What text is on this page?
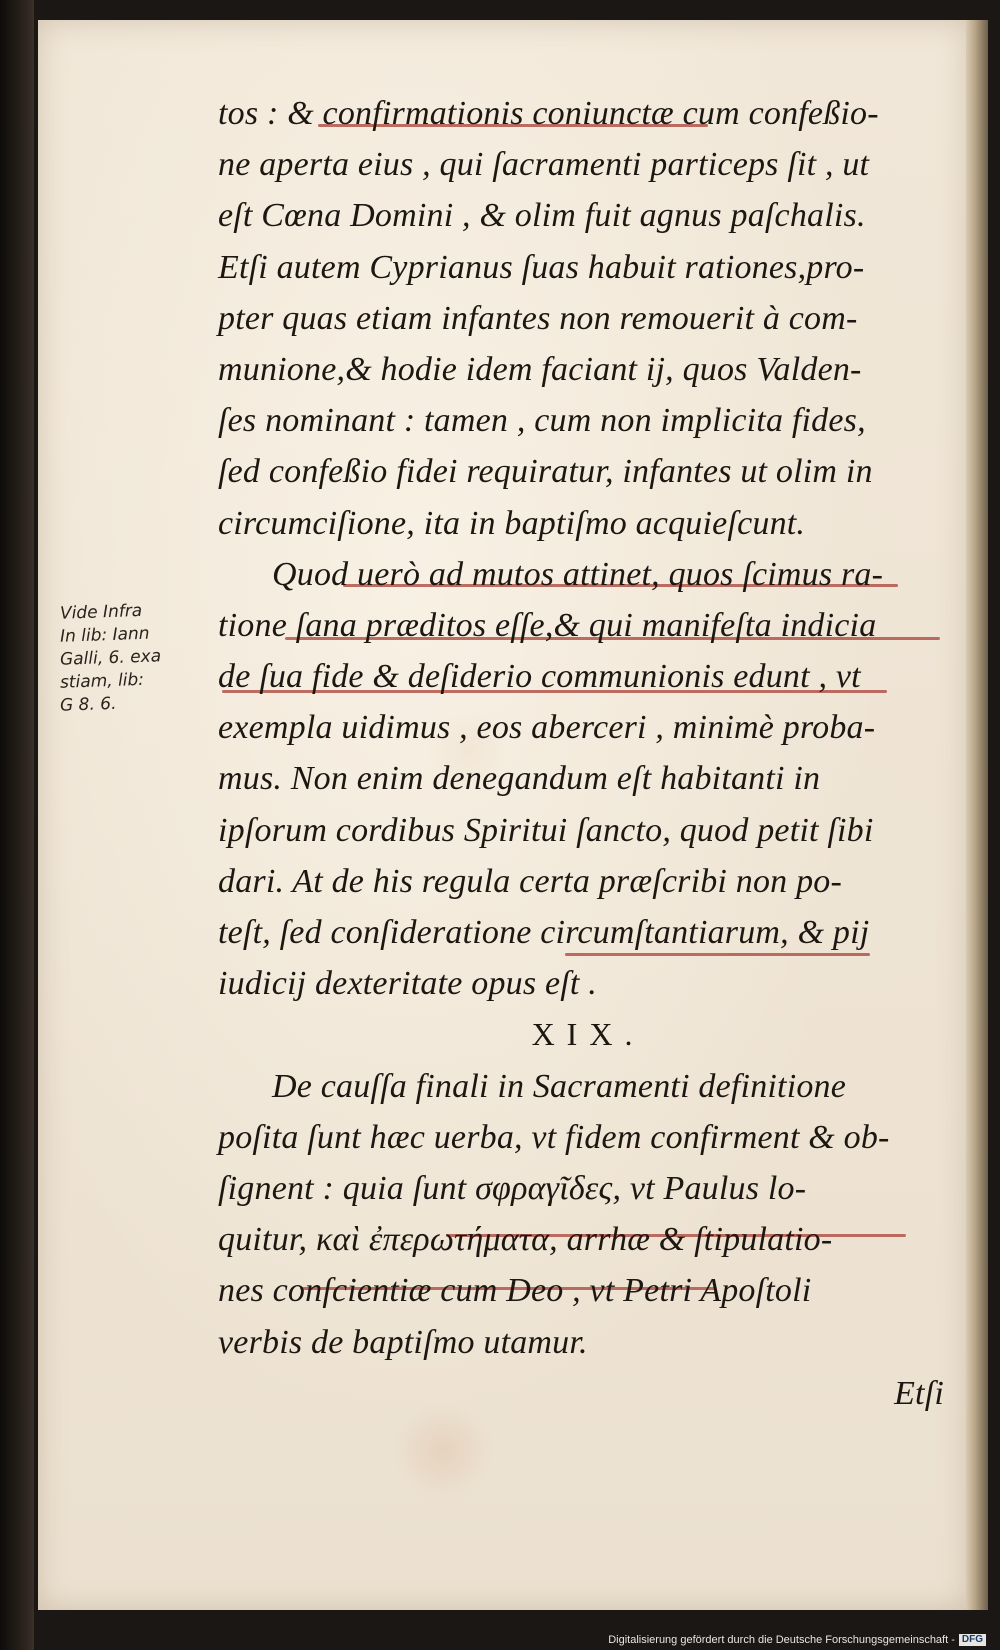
tos : & confirmationis coniunctæ cum confeßio-
ne aperta eius , qui ſacramenti particeps ſit , ut
eſt Cœna Domini , & olim fuit agnus paſchalis.
Etſi autem Cyprianus ſuas habuit rationes,pro-
pter quas etiam infantes non remouerit à com-
munione,& hodie idem faciant ij, quos Valden-
ſes nominant : tamen , cum non implicita fides,
ſed confeßio fidei requiratur, infantes ut olim in
circumciſione, ita in baptiſmo acquieſcunt.
Quod uerò ad mutos attinet, quos ſcimus ra-
tione ſana præditos eſſe,& qui manifeſta indicia
de ſua fide & deſiderio communionis edunt , vt
exempla uidimus , eos aberceri , minimè proba-
mus. Non enim denegandum eſt habitanti in
ipſorum cordibus Spiritui ſancto, quod petit ſibi
dari. At de his regula certa præſcribi non po-
teſt, ſed conſideratione circumſtantiarum, & pij
iudicij dexteritate opus eſt .
XIX.
De cauſſa finali in Sacramenti definitione
poſita ſunt hæc uerba, vt fidem confirment & ob-
ſignent : quia ſunt σφραγῖδες, vt Paulus lo-
quitur, καὶ ἐπερωτήματα, arrhæ & ſtipulatio-
nes conſcientiæ cum Deo , vt Petri Apoſtoli
verbis de baptiſmo utamur.
Etſi
Vide Infra
In lib: Iann
Galli, 6. exa
stiam, lib:
G 8. 6.
Digitalisierung gefördert durch die Deutsche Forschungsgemeinschaft - DFG
